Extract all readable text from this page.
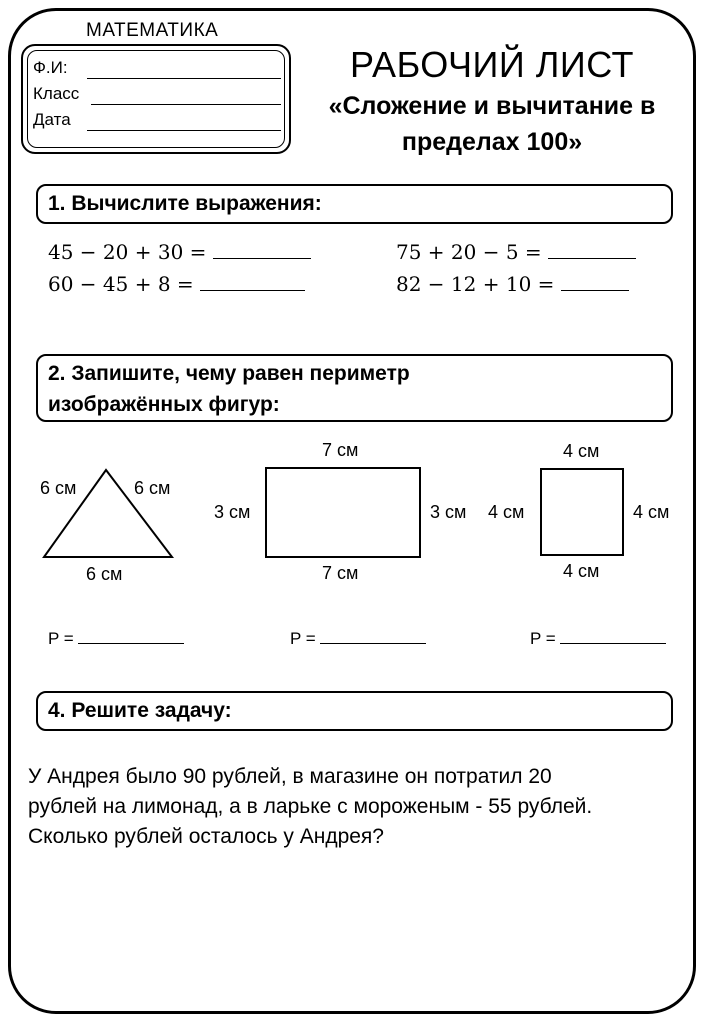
МАТЕМАТИКА
Ф.И:
Класс
Дата
РАБОЧИЙ ЛИСТ
«Сложение и вычитание в
пределах 100»
1. Вычислите выражения:
45 − 20 + 30 =	75 + 20 − 5 =
60 − 45 + 8 =	82 − 12 + 10 =
2. Запишите, чему равен периметр
изображённых фигур:
6 см	6 см
6 см
7 см
3 см	3 см
7 см
4 см
4 см	4 см
4 см
P =	P =	P =
4. Решите задачу:
У Андрея было 90 рублей, в магазине он потратил 20
рублей на лимонад, а в ларьке с мороженым - 55 рублей.
Сколько рублей осталось у Андрея?
